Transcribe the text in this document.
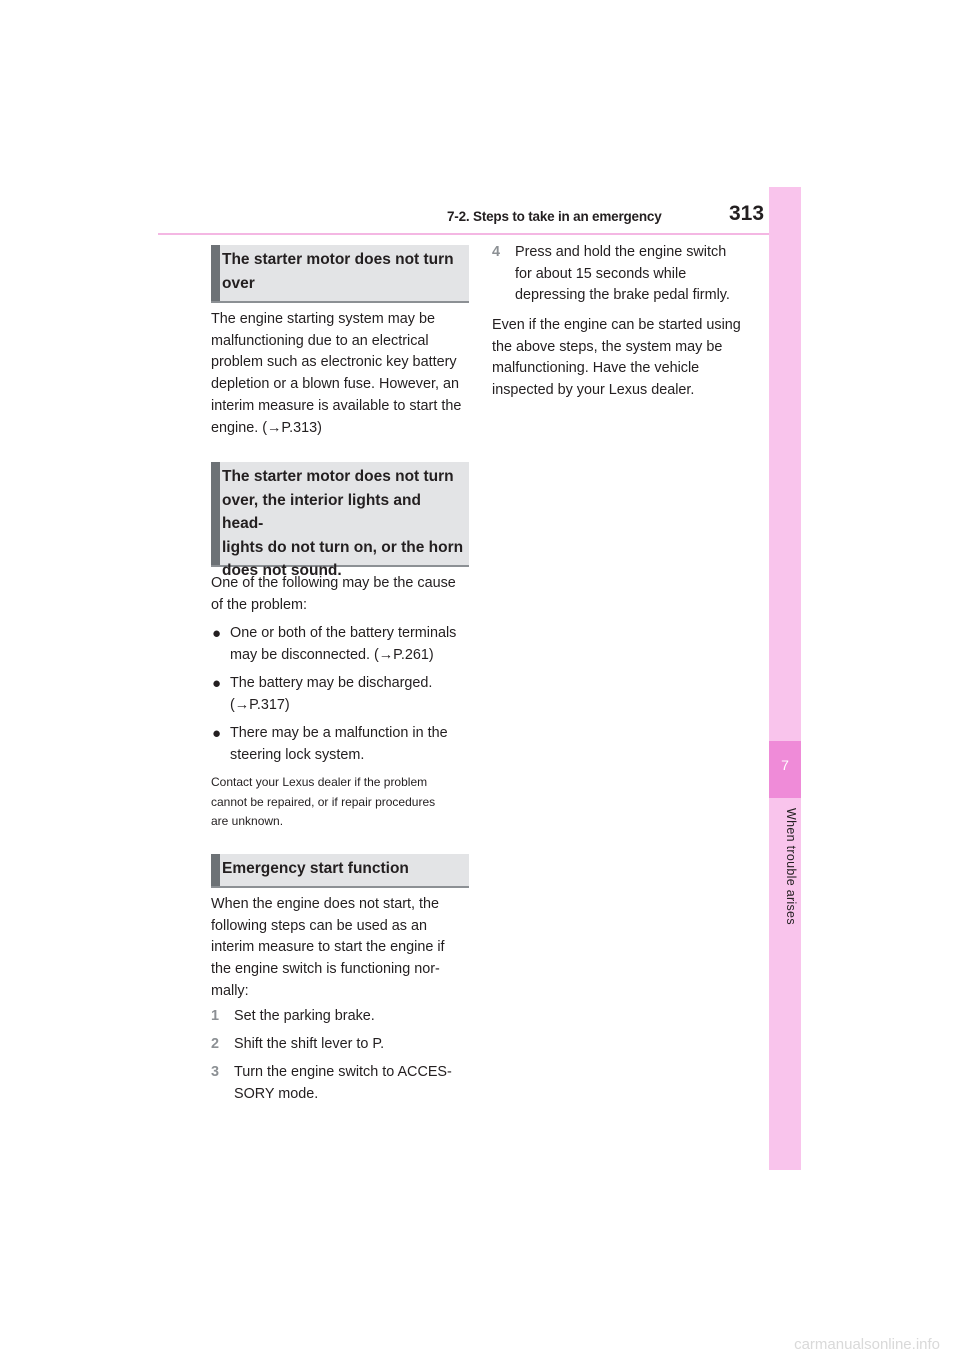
7-2. Steps to take in an emergency	313
7
When trouble arises
The starter motor does not turn
over
The engine starting system may be
malfunctioning due to an electrical
problem such as electronic key battery
depletion or a blown fuse. However, an
interim measure is available to start the
engine. (→P.313)
The starter motor does not turn
over, the interior lights and head-
lights do not turn on, or the horn
does not sound.
One of the following may be the cause
of the problem:
● One or both of the battery terminals
may be disconnected. (→P.261)
● The battery may be discharged.
(→P.317)
● There may be a malfunction in the
steering lock system.
Contact your Lexus dealer if the problem
cannot be repaired, or if repair procedures
are unknown.
Emergency start function
When the engine does not start, the
following steps can be used as an
interim measure to start the engine if
the engine switch is functioning nor-
mally:
1 Set the parking brake.
2 Shift the shift lever to P.
3 Turn the engine switch to ACCES-
SORY mode.
4 Press and hold the engine switch
for about 15 seconds while
depressing the brake pedal firmly.
Even if the engine can be started using
the above steps, the system may be
malfunctioning. Have the vehicle
inspected by your Lexus dealer.
carmanualsonline.info
